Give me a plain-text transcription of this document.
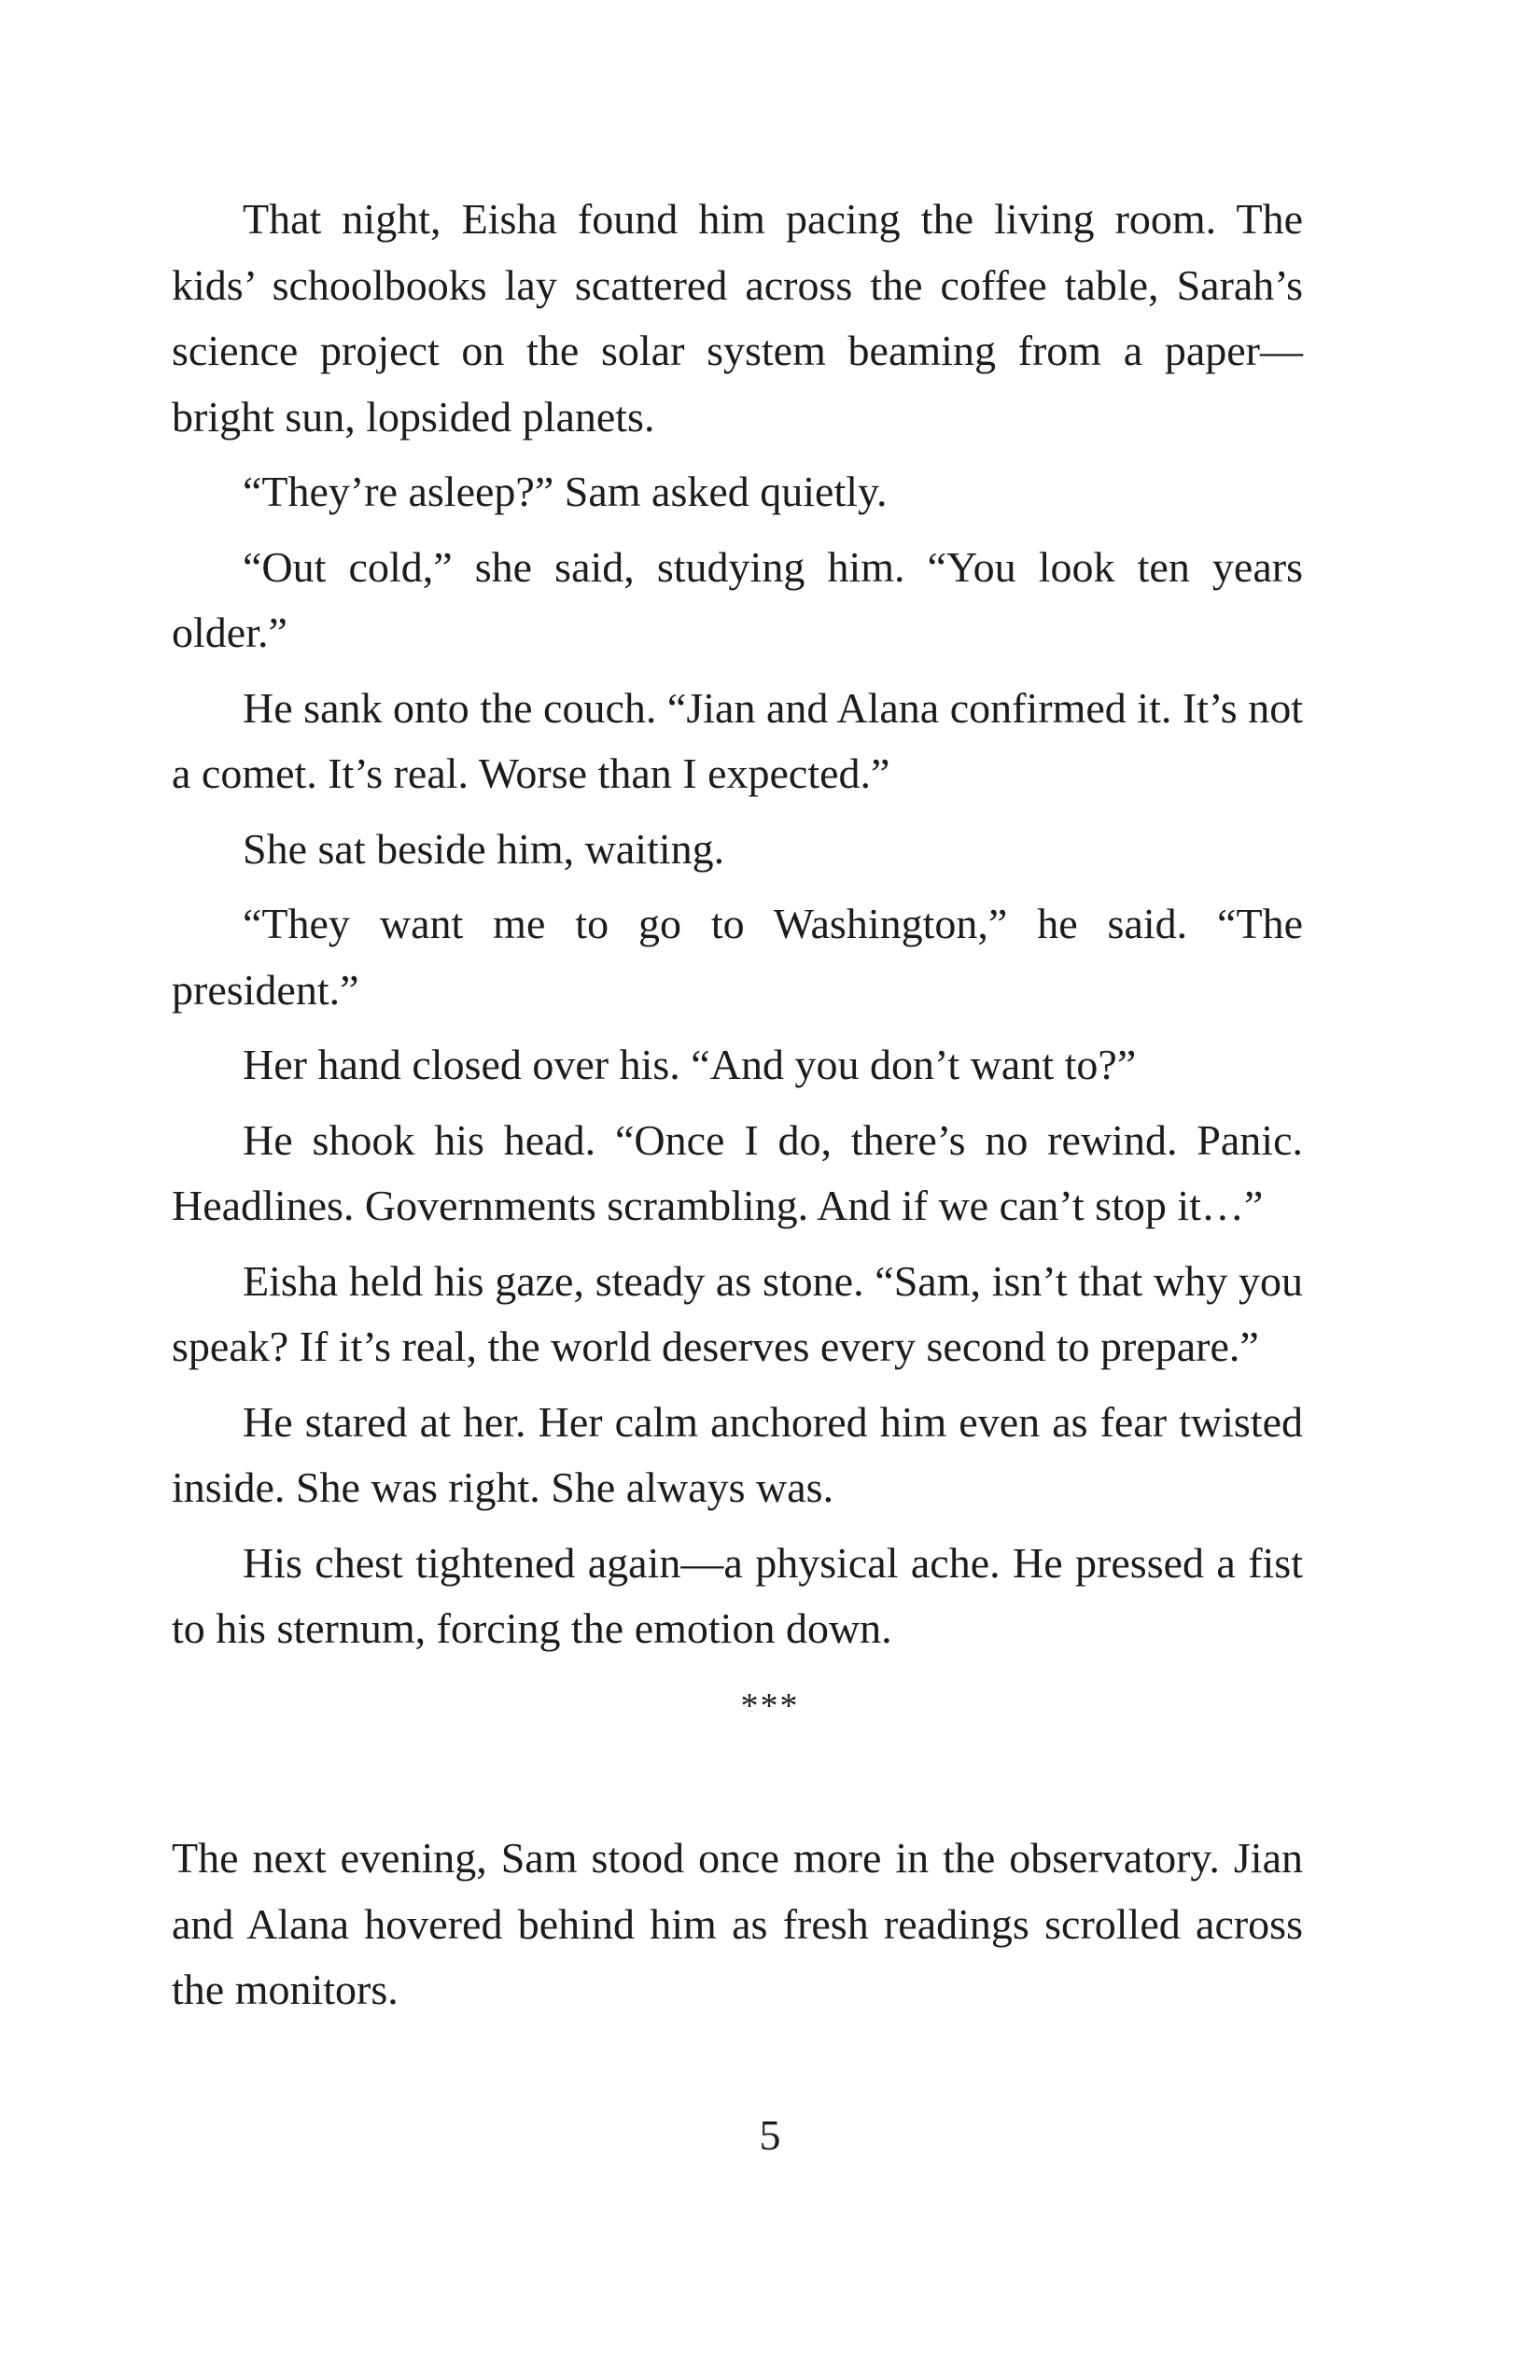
That night, Eisha found him pacing the living room. The kids’ schoolbooks lay scattered across the coffee table, Sarah’s science project on the solar system beaming from a paper—bright sun, lopsided planets.

“They’re asleep?” Sam asked quietly.

“Out cold,” she said, studying him. “You look ten years older.”

He sank onto the couch. “Jian and Alana confirmed it. It’s not a comet. It’s real. Worse than I expected.”

She sat beside him, waiting.

“They want me to go to Washington,” he said. “The president.”

Her hand closed over his. “And you don’t want to?”

He shook his head. “Once I do, there’s no rewind. Panic. Headlines. Governments scrambling. And if we can’t stop it…”

Eisha held his gaze, steady as stone. “Sam, isn’t that why you speak? If it’s real, the world deserves every second to prepare.”

He stared at her. Her calm anchored him even as fear twisted inside. She was right. She always was.

His chest tightened again—a physical ache. He pressed a fist to his sternum, forcing the emotion down.

***

The next evening, Sam stood once more in the observatory. Jian and Alana hovered behind him as fresh readings scrolled across the monitors.

5
